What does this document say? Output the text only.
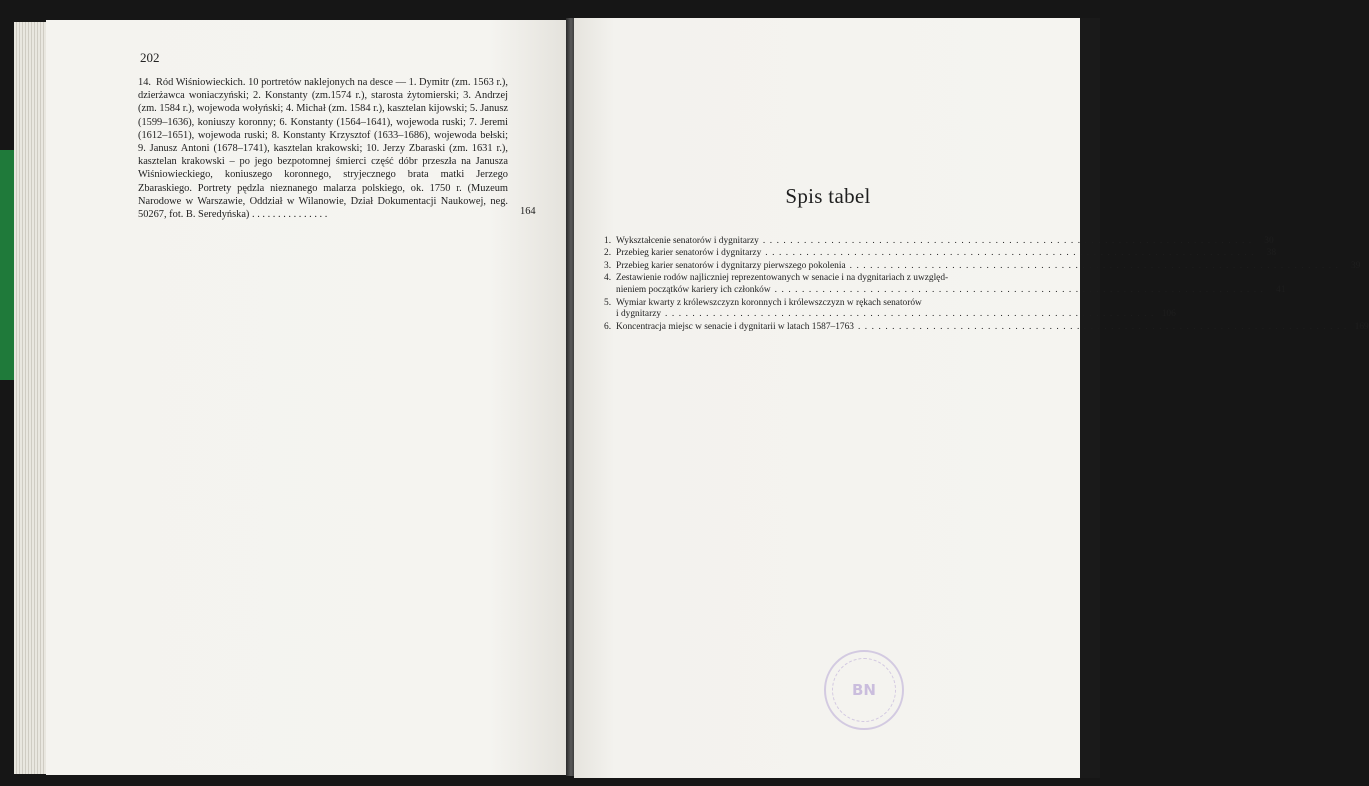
202
14. Ród Wiśniowieckich. 10 portretów naklejonych na desce — 1. Dymitr (zm. 1563 r.), dzierżawca woniaczyński; 2. Konstanty (zm.1574 r.), starosta żytomierski; 3. Andrzej (zm. 1584 r.), wojewoda wołyński; 4. Michał (zm. 1584 r.), kasztelan kijowski; 5. Janusz (1599–1636), koniuszy koronny; 6. Konstanty (1564–1641), wojewoda ruski; 7. Jeremi (1612–1651), wojewoda ruski; 8. Konstanty Krzysztof (1633–1686), wojewoda bełski; 9. Janusz Antoni (1678–1741), kasztelan krakowski; 10. Jerzy Zbaraski (zm. 1631 r.), kasztelan krakowski – po jego bezpotomnej śmierci część dóbr przeszła na Janusza Wiśniowieckiego, koniuszego koronnego, stryjecznego brata matki Jerzego Zbaraskiego. Portrety pędzla nieznanego malarza polskiego, ok. 1750 r. (Muzeum Narodowe w Warszawie, Oddział w Wilanowie, Dział Dokumentacji Naukowej, neg. 50267, fot. B. Seredyńska) . . . . . . . . . . . . . . .	164
Spis tabel
1. Wykształcenie senatorów i dygnitarzy ........................................................................ 30
2. Przebieg karier senatorów i dygnitarzy ........................................................................ 38
3. Przebieg karier senatorów i dygnitarzy pierwszego pokolenia ........................................................................ 39
4. Zestawienie rodów najliczniej reprezentowanych w senacie i na dygnitariach z uwzględ-
nieniem początków kariery ich członków ........................................................................ 41
5. Wymiar kwarty z królewszczyzn koronnych i królewszczyzn w rękach senatorów
i dygnitarzy ........................................................................ 106
6. Koncentracja miejsc w senacie i dygnitarii w latach 1587–1763 ........................................................................ 169
BN
